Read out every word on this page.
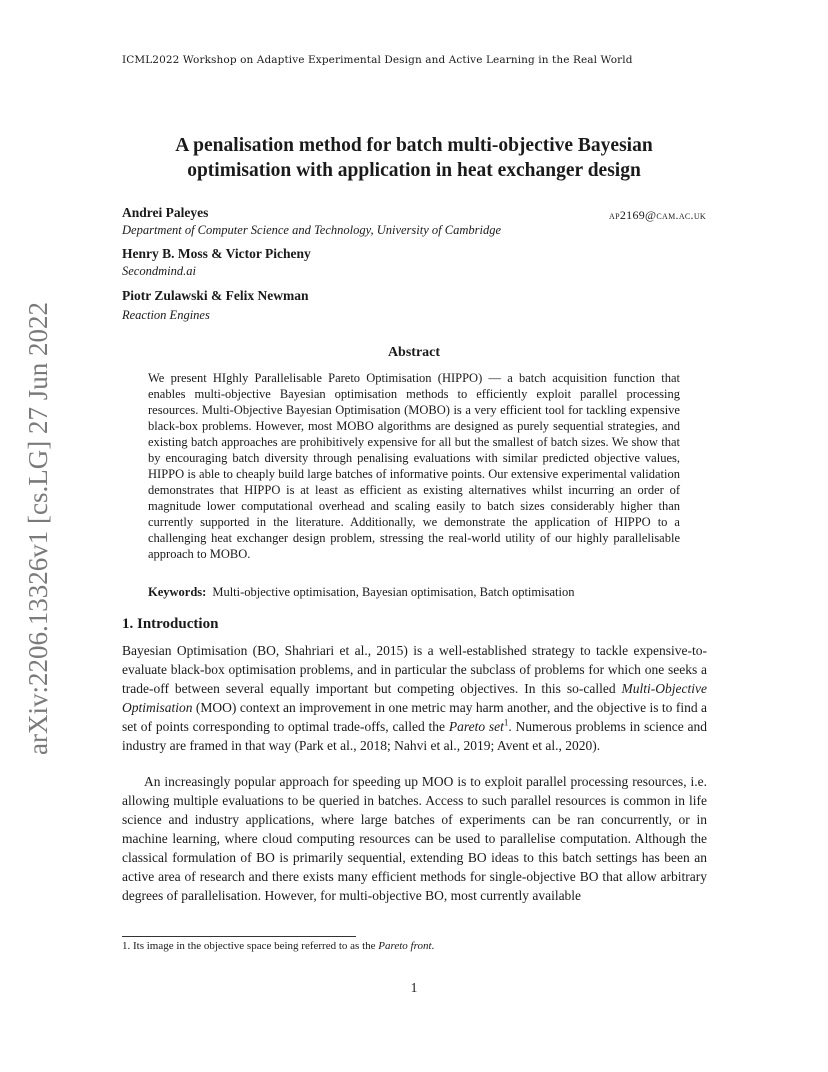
ICML2022 Workshop on Adaptive Experimental Design and Active Learning in the Real World
arXiv:2206.13326v1 [cs.LG] 27 Jun 2022
A penalisation method for batch multi-objective Bayesian
optimisation with application in heat exchanger design
Andrei Paleyes
Department of Computer Science and Technology, University of Cambridge
ap2169@cam.ac.uk
Henry B. Moss & Victor Picheny
Secondmind.ai
Piotr Zulawski & Felix Newman
Reaction Engines
Abstract
We present HIghly Parallelisable Pareto Optimisation (HIPPO) — a batch acquisition function that enables multi-objective Bayesian optimisation methods to efficiently exploit parallel processing resources. Multi-Objective Bayesian Optimisation (MOBO) is a very efficient tool for tackling expensive black-box problems. However, most MOBO algorithms are designed as purely sequential strategies, and existing batch approaches are prohibitively expensive for all but the smallest of batch sizes. We show that by encouraging batch diversity through penalising evaluations with similar predicted objective values, HIPPO is able to cheaply build large batches of informative points. Our extensive experimental validation demonstrates that HIPPO is at least as efficient as existing alternatives whilst incurring an order of magnitude lower computational overhead and scaling easily to batch sizes considerably higher than currently supported in the literature. Additionally, we demonstrate the application of HIPPO to a challenging heat exchanger design problem, stressing the real-world utility of our highly parallelisable approach to MOBO.
Keywords: Multi-objective optimisation, Bayesian optimisation, Batch optimisation
1. Introduction
Bayesian Optimisation (BO, Shahriari et al., 2015) is a well-established strategy to tackle expensive-to-evaluate black-box optimisation problems, and in particular the subclass of problems for which one seeks a trade-off between several equally important but competing objectives. In this so-called Multi-Objective Optimisation (MOO) context an improvement in one metric may harm another, and the objective is to find a set of points corresponding to optimal trade-offs, called the Pareto set$^1$. Numerous problems in science and industry are framed in that way (Park et al., 2018; Nahvi et al., 2019; Avent et al., 2020).
An increasingly popular approach for speeding up MOO is to exploit parallel processing resources, i.e. allowing multiple evaluations to be queried in batches. Access to such parallel resources is common in life science and industry applications, where large batches of experiments can be ran concurrently, or in machine learning, where cloud computing resources can be used to parallelise computation. Although the classical formulation of BO is primarily sequential, extending BO ideas to this batch settings has been an active area of research and there exists many efficient methods for single-objective BO that allow arbitrary degrees of parallelisation. However, for multi-objective BO, most currently available
1. Its image in the objective space being referred to as the Pareto front.
1
